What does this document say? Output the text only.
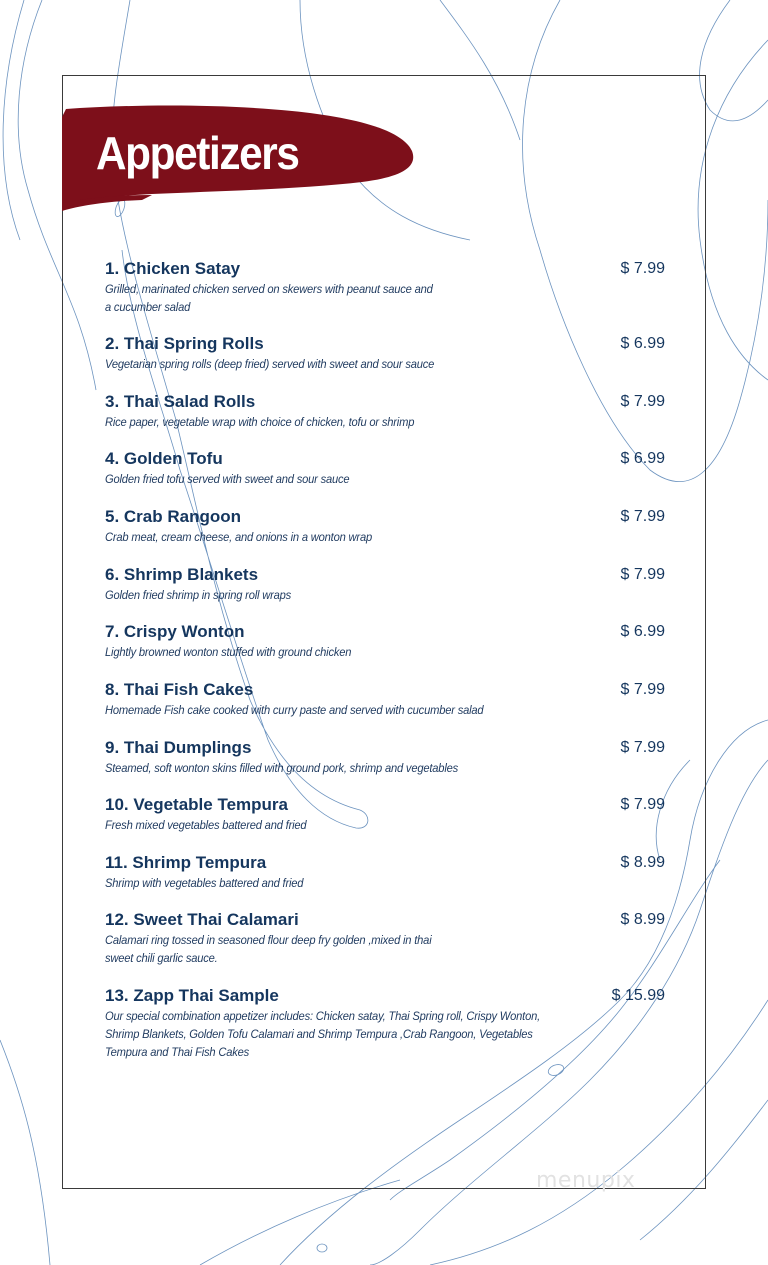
Appetizers
1. Chicken Satay	$ 7.99
Grilled, marinated chicken served on skewers with peanut sauce and
a cucumber salad
2. Thai Spring Rolls	$ 6.99
Vegetarian spring rolls (deep fried) served with sweet and sour sauce
3. Thai Salad Rolls	$ 7.99
Rice paper, vegetable wrap with choice of chicken, tofu or shrimp
4. Golden Tofu	$ 6.99
Golden fried tofu served with sweet and sour sauce
5. Crab Rangoon	$ 7.99
Crab meat, cream cheese, and onions in a wonton wrap
6. Shrimp Blankets	$ 7.99
Golden fried shrimp in spring roll wraps
7. Crispy Wonton	$ 6.99
Lightly browned wonton stuffed with ground chicken
8. Thai Fish Cakes	$ 7.99
Homemade Fish cake cooked with curry paste and served with cucumber salad
9. Thai Dumplings	$ 7.99
Steamed, soft wonton skins filled with ground pork, shrimp and vegetables
10. Vegetable Tempura	$ 7.99
Fresh mixed vegetables battered and fried
11. Shrimp Tempura	$ 8.99
Shrimp with vegetables battered and fried
12. Sweet Thai Calamari	$ 8.99
Calamari ring tossed in seasoned flour deep fry golden ,mixed in thai
sweet chili garlic sauce.
13. Zapp Thai Sample	$ 15.99
Our special combination appetizer includes: Chicken satay, Thai Spring roll, Crispy Wonton,
Shrimp Blankets, Golden Tofu Calamari and Shrimp Tempura ,Crab Rangoon, Vegetables
Tempura and Thai Fish Cakes
menupix
